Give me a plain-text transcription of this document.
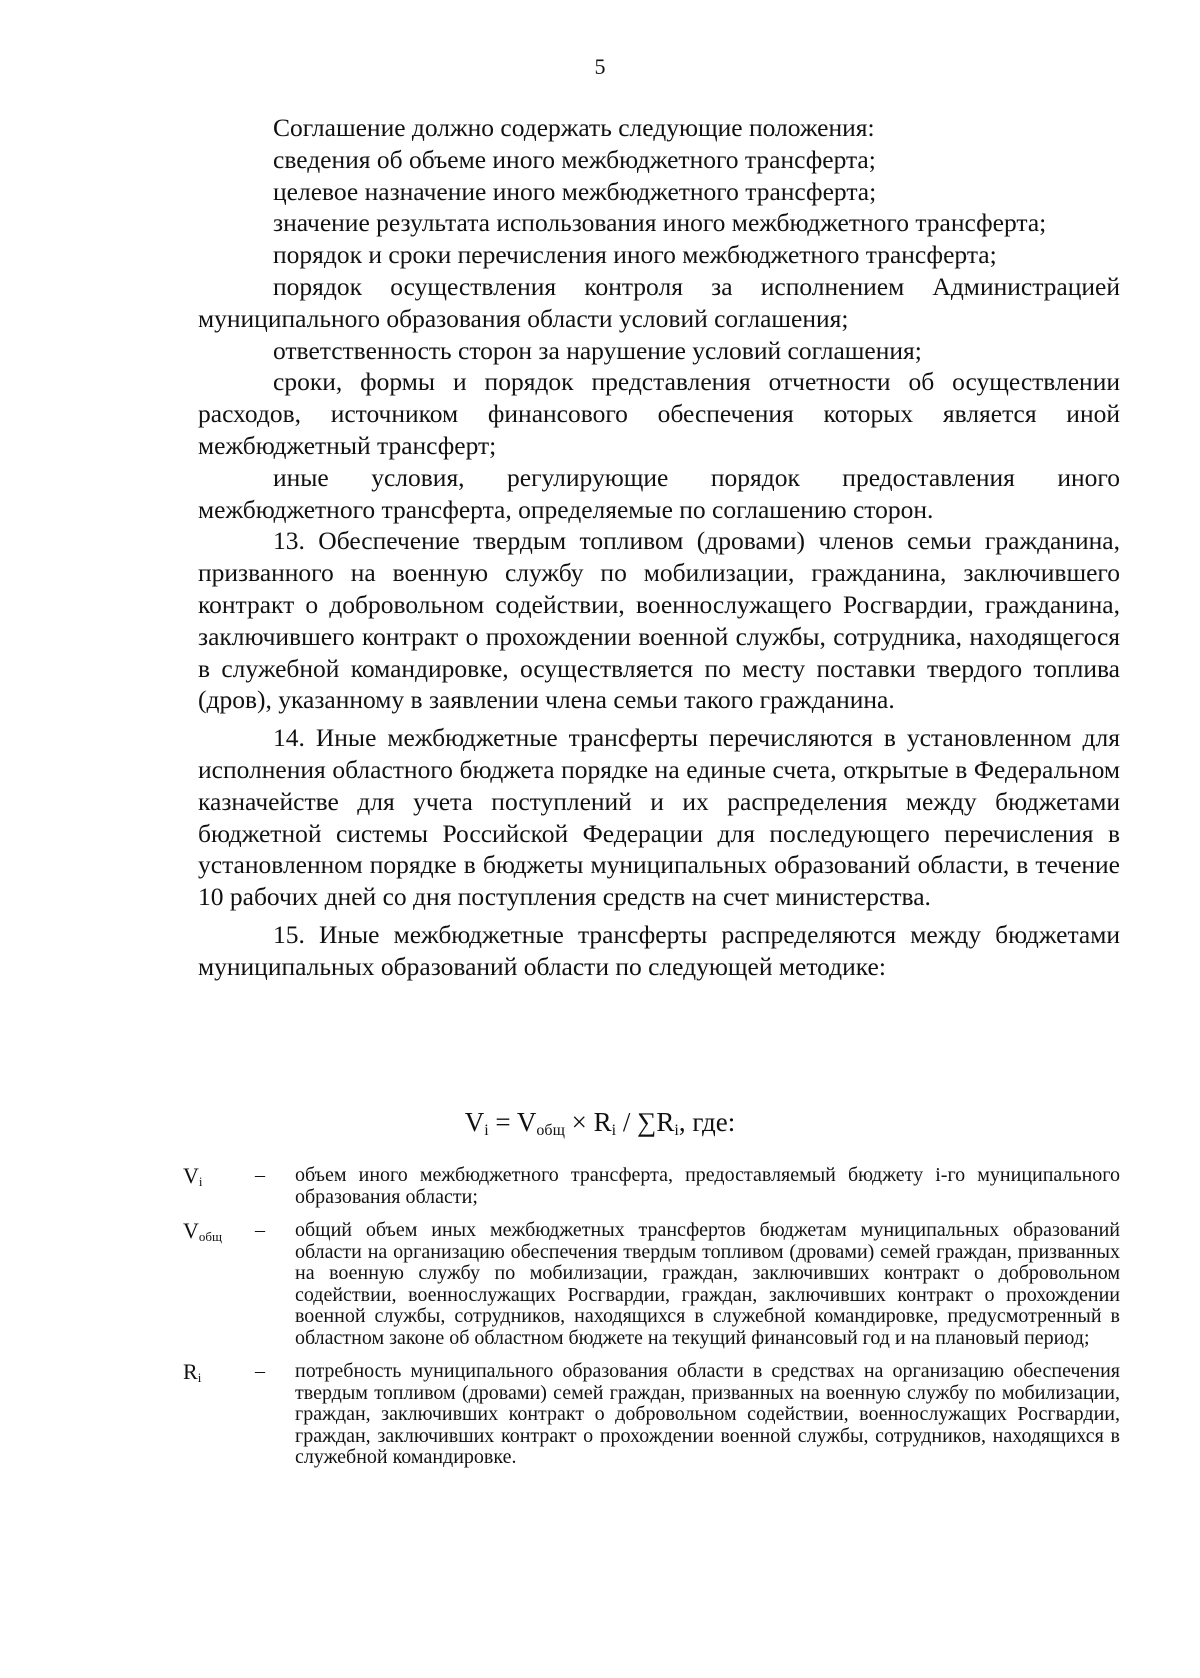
5

Соглашение должно содержать следующие положения:

сведения об объеме иного межбюджетного трансферта;

целевое назначение иного межбюджетного трансферта;

значение результата использования иного межбюджетного трансферта;

порядок и сроки перечисления иного межбюджетного трансферта;

порядок осуществления контроля за исполнением Администрацией муниципального образования области условий соглашения;

ответственность сторон за нарушение условий соглашения;

сроки, формы и порядок представления отчетности об осуществлении расходов, источником финансового обеспечения которых является иной межбюджетный трансферт;

иные условия, регулирующие порядок предоставления иного межбюджетного трансферта, определяемые по соглашению сторон.

13. Обеспечение твердым топливом (дровами) членов семьи гражданина, призванного на военную службу по мобилизации, гражданина, заключившего контракт о добровольном содействии, военнослужащего Росгвардии, гражданина, заключившего контракт о прохождении военной службы, сотрудника, находящегося в служебной командировке, осуществляется по месту поставки твердого топлива (дров), указанному в заявлении члена семьи такого гражданина.

14. Иные межбюджетные трансферты перечисляются в установленном для исполнения областного бюджета порядке на единые счета, открытые в Федеральном казначействе для учета поступлений и их распределения между бюджетами бюджетной системы Российской Федерации для последующего перечисления в установленном порядке в бюджеты муниципальных образований области, в течение 10 рабочих дней со дня поступления средств на счет министерства.

15. Иные межбюджетные трансферты распределяются между бюджетами муниципальных образований области по следующей методике:

$V_i = V_{общ} \times R_i / \sum R_i$, где:
$V_i$	–	объем иного межбюджетного трансферта, предоставляемый бюджету i-го муниципального образования области;
$V_{общ}$	–	общий объем иных межбюджетных трансфертов бюджетам муниципальных образований области на организацию обеспечения твердым топливом (дровами) семей граждан, призванных на военную службу по мобилизации, граждан, заключивших контракт о добровольном содействии, военнослужащих Росгвардии, граждан, заключивших контракт о прохождении военной службы, сотрудников, находящихся в служебной командировке, предусмотренный в областном законе об областном бюджете на текущий финансовый год и на плановый период;
$R_i$	–	потребность муниципального образования области в средствах на организацию обеспечения твердым топливом (дровами) семей граждан, призванных на военную службу по мобилизации, граждан, заключивших контракт о добровольном содействии, военнослужащих Росгвардии, граждан, заключивших контракт о прохождении военной службы, сотрудников, находящихся в служебной командировке.
